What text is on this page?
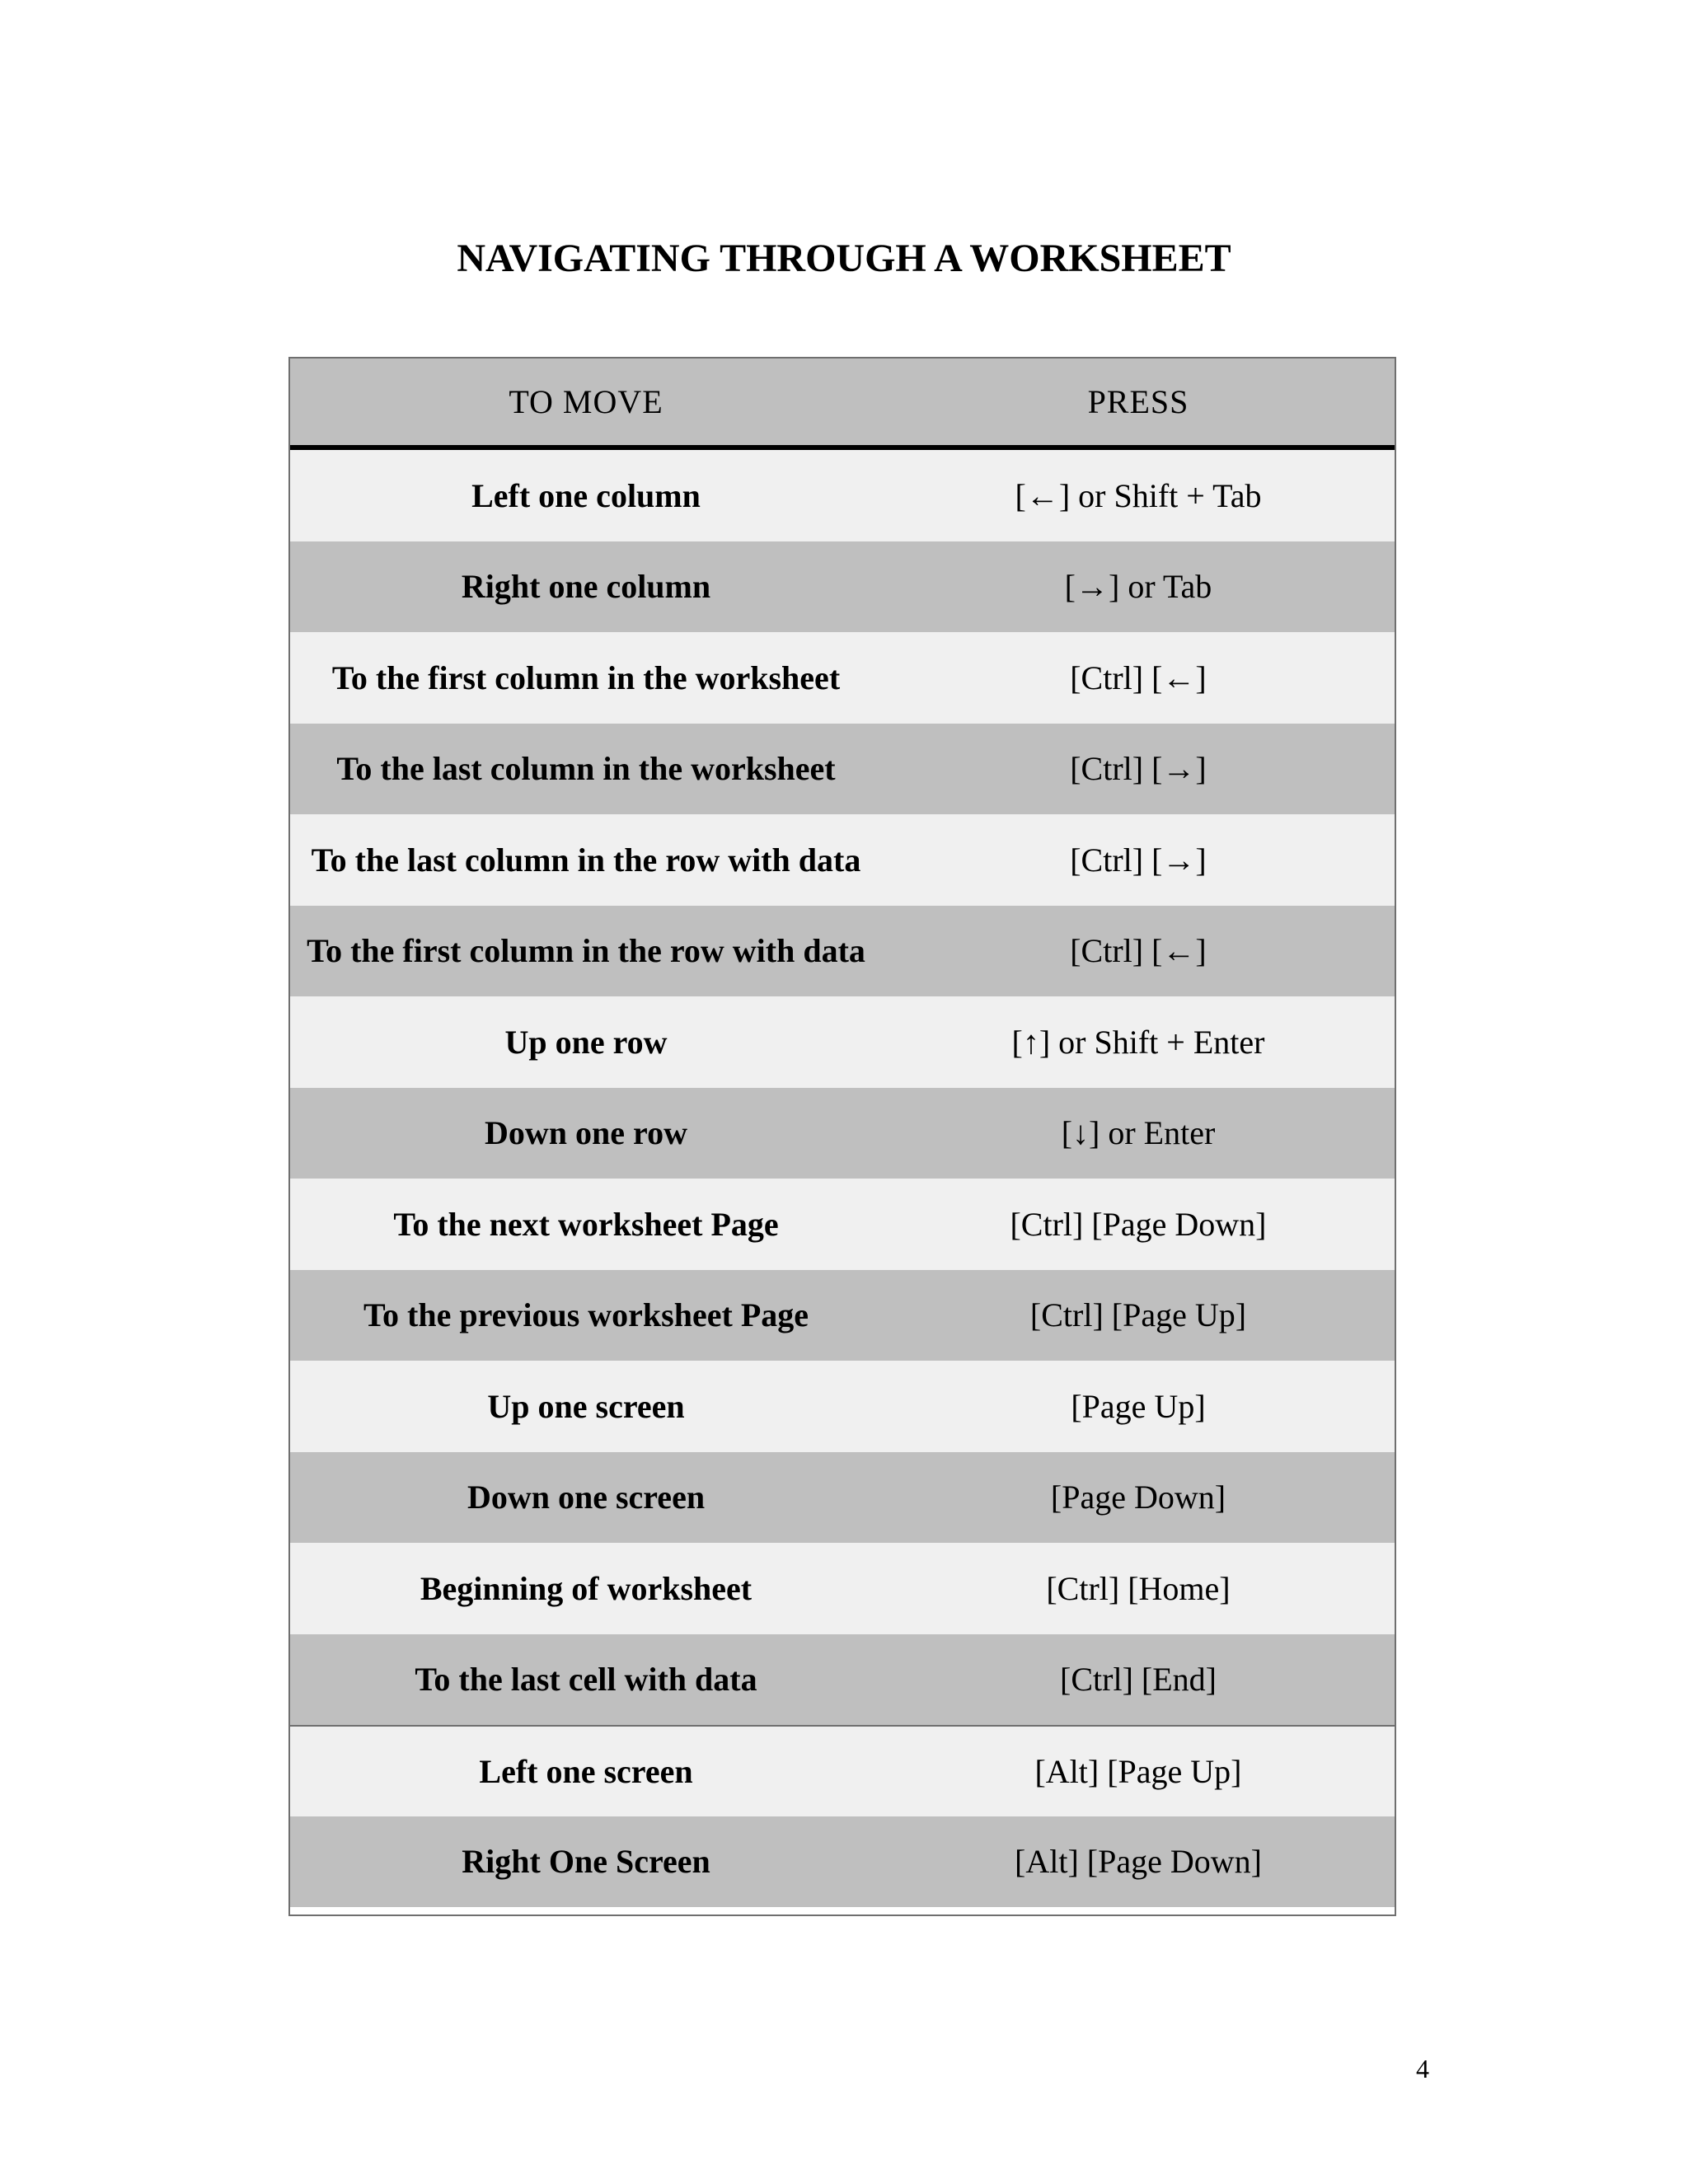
NAVIGATING THROUGH A WORKSHEET
TO MOVE	PRESS
Left one column	[←] or Shift + Tab
Right one column	[→] or Tab
To the first column in the worksheet	[Ctrl] [←]
To the last column in the worksheet	[Ctrl] [→]
To the last column in the row with data	[Ctrl] [→]
To the first column in the row with data	[Ctrl] [←]
Up one row	[↑] or Shift + Enter
Down one row	[↓] or Enter
To the next worksheet Page	[Ctrl] [Page Down]
To the previous worksheet Page	[Ctrl] [Page Up]
Up one screen	[Page Up]
Down one screen	[Page Down]
Beginning of worksheet	[Ctrl] [Home]
To the last cell with data	[Ctrl] [End]
Left one screen	[Alt] [Page Up]
Right One Screen	[Alt] [Page Down]
4
